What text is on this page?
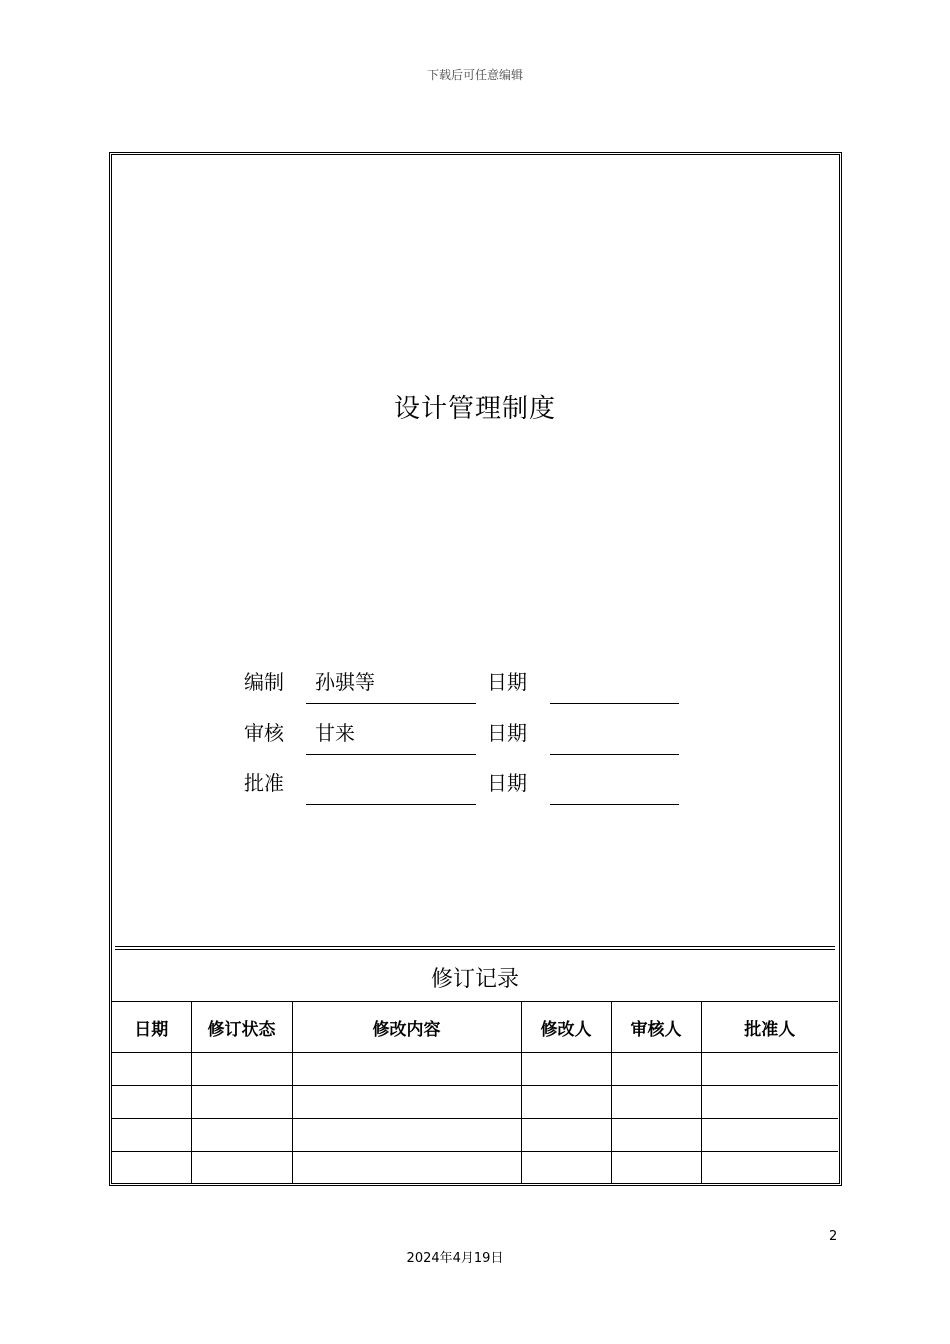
下载后可任意编辑
设计管理制度
编制 孙骐等	日期
审核 甘来	日期
批准	日期
修订记录
日期	修订状态	修改内容	修改人	审核人	批准人

2
2024年4月19日
